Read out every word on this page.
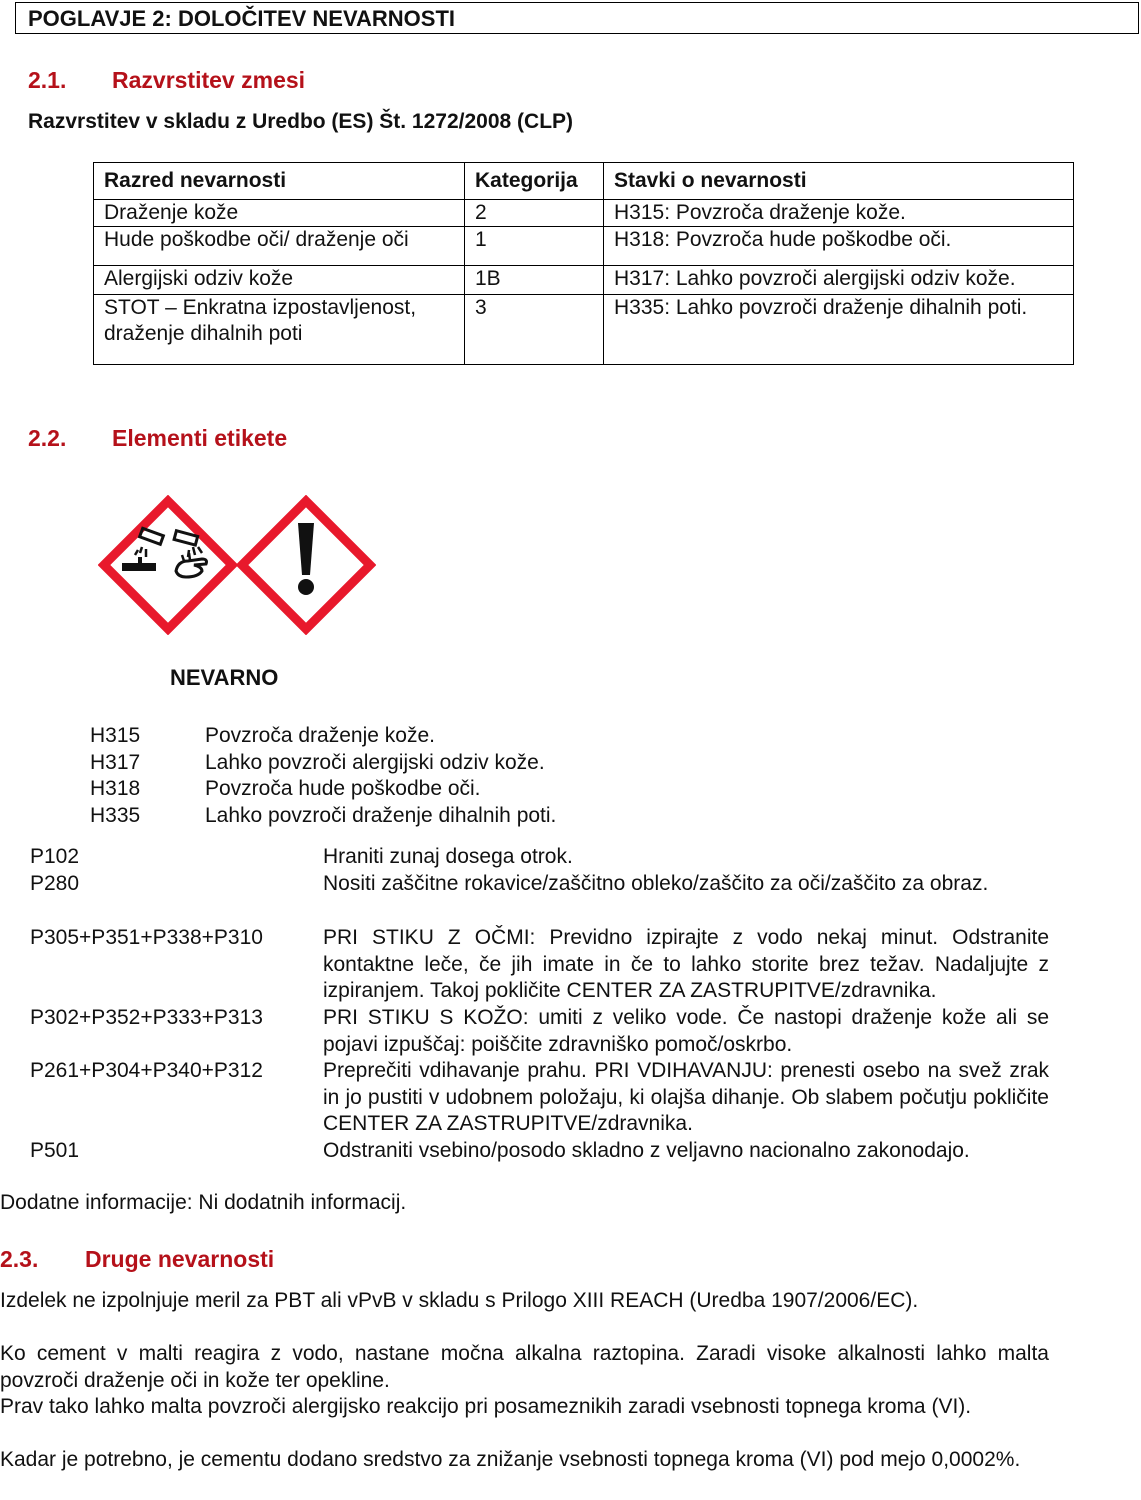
POGLAVJE 2: DOLOČITEV NEVARNOSTI
2.1. Razvrstitev zmesi
Razvrstitev v skladu z Uredbo (ES) Št. 1272/2008 (CLP)
Razred nevarnosti	Kategorija	Stavki o nevarnosti
Draženje kože	2	H315: Povzroča draženje kože.
Hude poškodbe oči/ draženje oči	1	H318: Povzroča hude poškodbe oči.
Alergijski odziv kože	1B	H317: Lahko povzroči alergijski odziv kože.
STOT – Enkratna izpostavljenost, draženje dihalnih poti	3	H335: Lahko povzroči draženje dihalnih poti.
2.2. Elementi etikete
NEVARNO
H315	Povzroča draženje kože.
H317	Lahko povzroči alergijski odziv kože.
H318	Povzroča hude poškodbe oči.
H335	Lahko povzroči draženje dihalnih poti.
P102	Hraniti zunaj dosega otrok.
P280	Nositi zaščitne rokavice/zaščitno obleko/zaščito za oči/zaščito za obraz.
P305+P351+P338+P310	PRI STIKU Z OČMI: Previdno izpirajte z vodo nekaj minut. Odstranite kontaktne leče, če jih imate in če to lahko storite brez težav. Nadaljujte z izpiranjem. Takoj pokličite CENTER ZA ZASTRUPITVE/zdravnika.
P302+P352+P333+P313	PRI STIKU S KOŽO: umiti z veliko vode. Če nastopi draženje kože ali se pojavi izpuščaj: poiščite zdravniško pomoč/oskrbo.
P261+P304+P340+P312	Preprečiti vdihavanje prahu. PRI VDIHAVANJU: prenesti osebo na svež zrak in jo pustiti v udobnem položaju, ki olajša dihanje. Ob slabem počutju pokličite CENTER ZA ZASTRUPITVE/zdravnika.
P501	Odstraniti vsebino/posodo skladno z veljavno nacionalno zakonodajo.
Dodatne informacije: Ni dodatnih informacij.
2.3. Druge nevarnosti
Izdelek ne izpolnjuje meril za PBT ali vPvB v skladu s Prilogo XIII REACH (Uredba 1907/2006/EC).
Ko cement v malti reagira z vodo, nastane močna alkalna raztopina. Zaradi visoke alkalnosti lahko malta povzroči draženje oči in kože ter opekline.
Prav tako lahko malta povzroči alergijsko reakcijo pri posameznikih zaradi vsebnosti topnega kroma (VI).
Kadar je potrebno, je cementu dodano sredstvo za znižanje vsebnosti topnega kroma (VI) pod mejo 0,0002%.
